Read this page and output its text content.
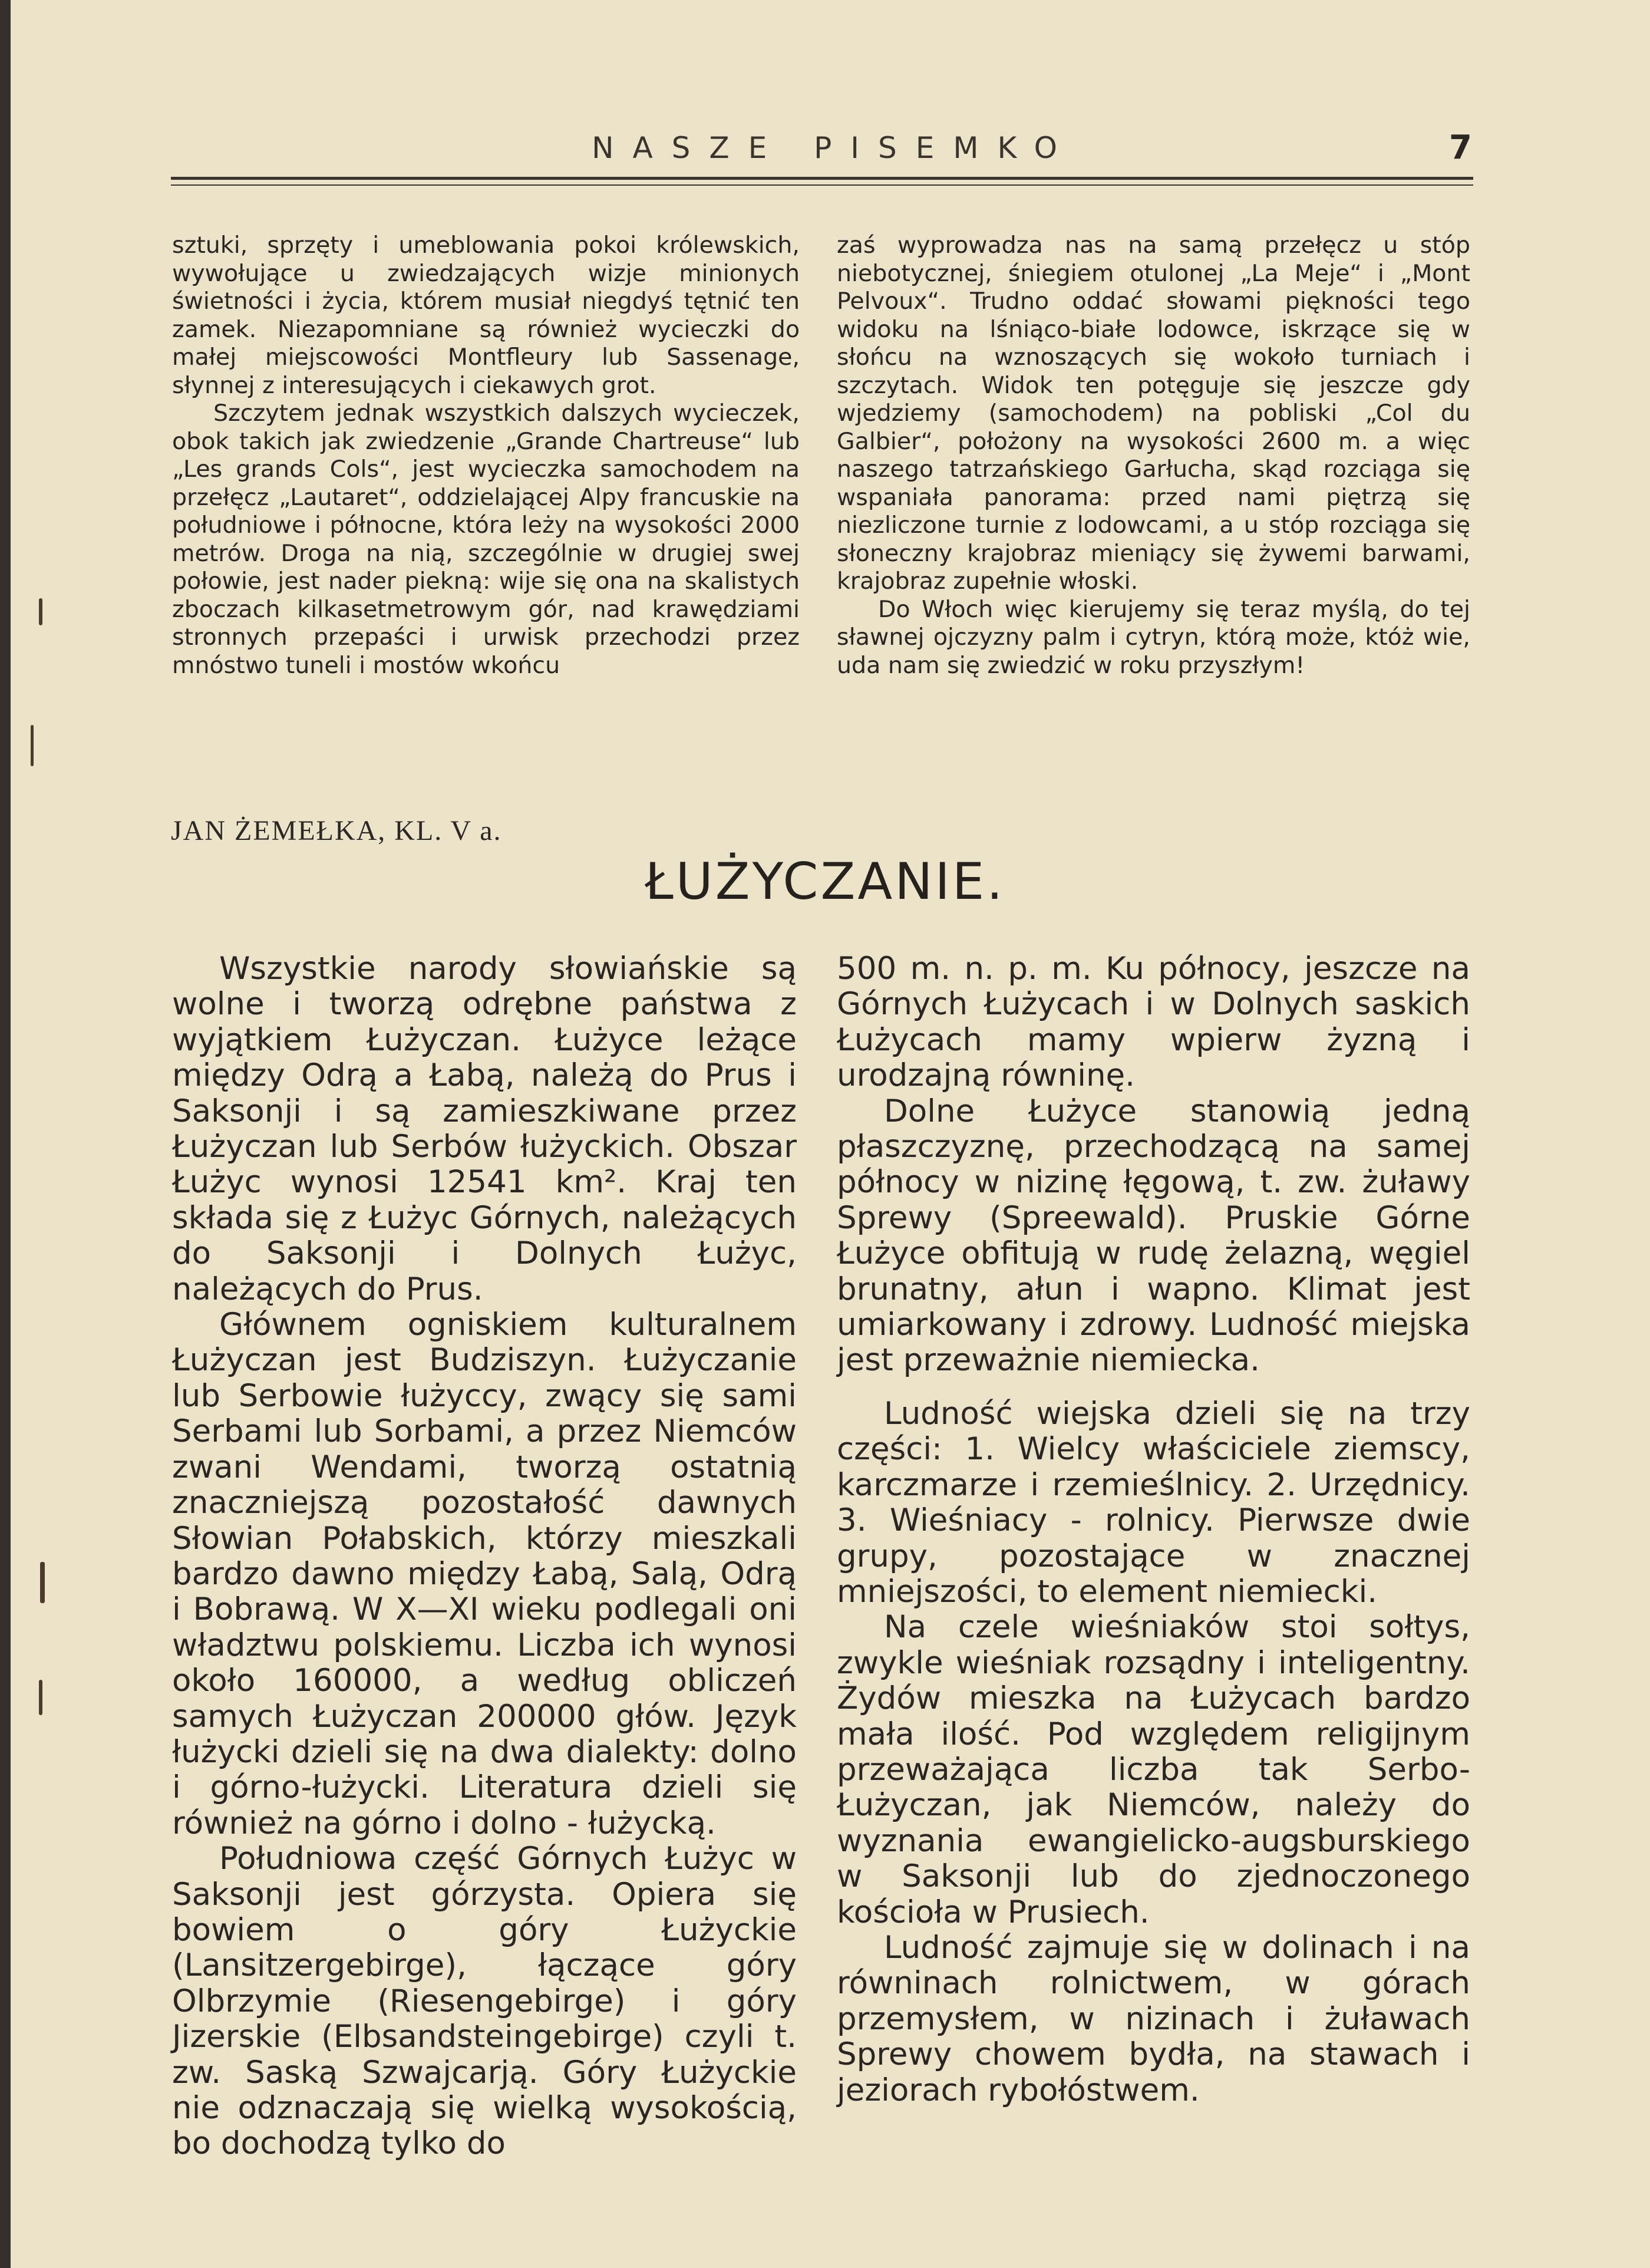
NASZE PISEMKO	7

sztuki, sprzęty i umeblowania pokoi królewskich, wywołujące u zwiedzających wizje minionych świetności i życia, którem musiał niegdyś tętnić ten zamek. Niezapomniane są również wycieczki do małej miejscowości Montfleury lub Sassenage, słynnej z interesujących i ciekawych grot.

Szczytem jednak wszystkich dalszych wycieczek, obok takich jak zwiedzenie „Grande Chartreuse“ lub „Les grands Cols“, jest wycieczka samochodem na przełęcz „Lautaret“, oddzielającej Alpy francuskie na południowe i północne, która leży na wysokości 2000 metrów. Droga na nią, szczególnie w drugiej swej połowie, jest nader piekną: wije się ona na skalistych zboczach kilkasetmetrowym gór, nad krawędziami stronnych przepaści i urwisk przechodzi przez mnóstwo tuneli i mostów wkońcu

zaś wyprowadza nas na samą przełęcz u stóp niebotycznej, śniegiem otulonej „La Meje“ i „Mont Pelvoux“. Trudno oddać słowami piękności tego widoku na lśniąco-białe lodowce, iskrzące się w słońcu na wznoszących się wokoło turniach i szczytach. Widok ten potęguje się jeszcze gdy wjedziemy (samochodem) na pobliski „Col du Galbier“, położony na wysokości 2600 m. a więc naszego tatrzańskiego Garłucha, skąd rozciąga się wspaniała panorama: przed nami piętrzą się niezliczone turnie z lodowcami, a u stóp rozciąga się słoneczny krajobraz mieniący się żywemi barwami, krajobraz zupełnie włoski.

Do Włoch więc kierujemy się teraz myślą, do tej sławnej ojczyzny palm i cytryn, którą może, któż wie, uda nam się zwiedzić w roku przyszłym!

JAN ŻEMEŁKA, KL. V a.
ŁUŻYCZANIE.

Wszystkie narody słowiańskie są wolne i tworzą odrębne państwa z wyjątkiem Łużyczan. Łużyce leżące między Odrą a Łabą, należą do Prus i Saksonji i są zamieszkiwane przez Łużyczan lub Serbów łużyckich. Obszar Łużyc wynosi 12541 km². Kraj ten składa się z Łużyc Górnych, należących do Saksonji i Dolnych Łużyc, należących do Prus.

Głównem ogniskiem kulturalnem Łużyczan jest Budziszyn. Łużyczanie lub Serbowie łużyccy, zwący się sami Serbami lub Sorbami, a przez Niemców zwani Wendami, tworzą ostatnią znaczniejszą pozostałość dawnych Słowian Połabskich, którzy mieszkali bardzo dawno między Łabą, Salą, Odrą i Bobrawą. W X—XI wieku podlegali oni władztwu polskiemu. Liczba ich wynosi około 160000, a według obliczeń samych Łużyczan 200000 głów. Język łużycki dzieli się na dwa dialekty: dolno i górno-łużycki. Literatura dzieli się również na górno i dolno - łużycką.

Południowa część Górnych Łużyc w Saksonji jest górzysta. Opiera się bowiem o góry Łużyckie (Lansitzergebirge), łączące góry Olbrzymie (Riesengebirge) i góry Jizerskie (Elbsandsteingebirge) czyli t. zw. Saską Szwajcarją. Góry Łużyckie nie odznaczają się wielką wysokością, bo dochodzą tylko do

500 m. n. p. m. Ku północy, jeszcze na Górnych Łużycach i w Dolnych saskich Łużycach mamy wpierw żyzną i urodzajną równinę.

Dolne Łużyce stanowią jedną płaszczyznę, przechodzącą na samej północy w nizinę łęgową, t. zw. żuławy Sprewy (Spreewald). Pruskie Górne Łużyce obfitują w rudę żelazną, węgiel brunatny, ałun i wapno. Klimat jest umiarkowany i zdrowy. Ludność miejska jest przeważnie niemiecka.

Ludność wiejska dzieli się na trzy części: 1. Wielcy właściciele ziemscy, karczmarze i rzemieślnicy. 2. Urzędnicy. 3. Wieśniacy - rolnicy. Pierwsze dwie grupy, pozostające w znacznej mniejszości, to element niemiecki.

Na czele wieśniaków stoi sołtys, zwykle wieśniak rozsądny i inteligentny. Żydów mieszka na Łużycach bardzo mała ilość. Pod względem religijnym przeważająca liczba tak Serbo-Łużyczan, jak Niemców, należy do wyznania ewangielicko-augsburskiego w Saksonji lub do zjednoczonego kościoła w Prusiech.

Ludność zajmuje się w dolinach i na równinach rolnictwem, w górach przemysłem, w nizinach i żuławach Sprewy chowem bydła, na stawach i jeziorach rybołóstwem.
